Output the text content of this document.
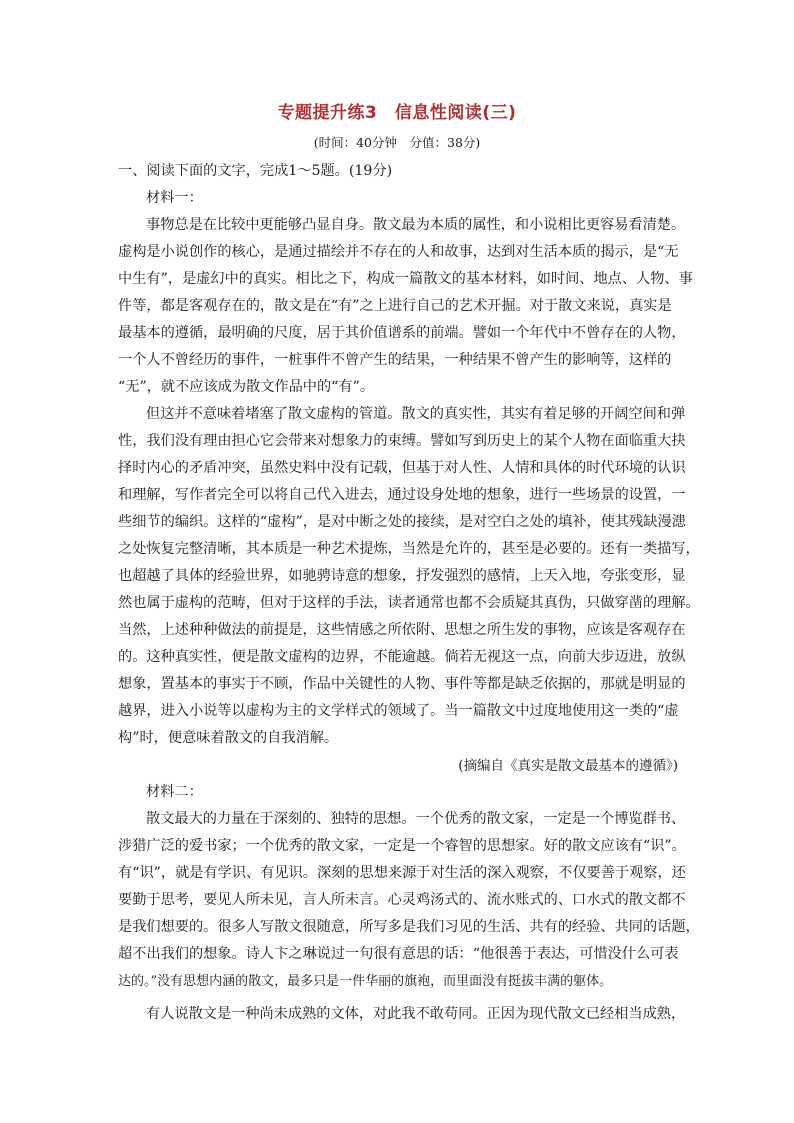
专题提升练3　信息性阅读(三)
(时间：40分钟　分值：38分)
一、阅读下面的文字，完成1～5题。(19分)
材料一：
事物总是在比较中更能够凸显自身。散文最为本质的属性，和小说相比更容易看清楚。
虚构是小说创作的核心，是通过描绘并不存在的人和故事，达到对生活本质的揭示，是“无
中生有”，是虚幻中的真实。相比之下，构成一篇散文的基本材料，如时间、地点、人物、事
件等，都是客观存在的，散文是在“有”之上进行自己的艺术开掘。对于散文来说，真实是
最基本的遵循，最明确的尺度，居于其价值谱系的前端。譬如一个年代中不曾存在的人物，
一个人不曾经历的事件，一桩事件不曾产生的结果，一种结果不曾产生的影响等，这样的
“无”，就不应该成为散文作品中的“有”。
但这并不意味着堵塞了散文虚构的管道。散文的真实性，其实有着足够的开阔空间和弹
性，我们没有理由担心它会带来对想象力的束缚。譬如写到历史上的某个人物在面临重大抉
择时内心的矛盾冲突，虽然史料中没有记载，但基于对人性、人情和具体的时代环境的认识
和理解，写作者完全可以将自己代入进去，通过设身处地的想象，进行一些场景的设置，一
些细节的编织。这样的“虚构”，是对中断之处的接续，是对空白之处的填补，使其残缺漫漶
之处恢复完整清晰，其本质是一种艺术提炼，当然是允许的，甚至是必要的。还有一类描写，
也超越了具体的经验世界，如驰骋诗意的想象，抒发强烈的感情，上天入地，夸张变形，显
然也属于虚构的范畴，但对于这样的手法，读者通常也都不会质疑其真伪，只做穿凿的理解。
当然，上述种种做法的前提是，这些情感之所依附、思想之所生发的事物，应该是客观存在
的。这种真实性，便是散文虚构的边界，不能逾越。倘若无视这一点，向前大步迈进，放纵
想象，置基本的事实于不顾，作品中关键性的人物、事件等都是缺乏依据的，那就是明显的
越界，进入小说等以虚构为主的文学样式的领域了。当一篇散文中过度地使用这一类的“虚
构”时，便意味着散文的自我消解。
(摘编自《真实是散文最基本的遵循》)
材料二：
散文最大的力量在于深刻的、独特的思想。一个优秀的散文家，一定是一个博览群书、
涉猎广泛的爱书家；一个优秀的散文家，一定是一个睿智的思想家。好的散文应该有“识”。
有“识”，就是有学识、有见识。深刻的思想来源于对生活的深入观察，不仅要善于观察，还
要勤于思考，要见人所未见，言人所未言。心灵鸡汤式的、流水账式的、口水式的散文都不
是我们想要的。很多人写散文很随意，所写多是我们习见的生活、共有的经验、共同的话题，
超不出我们的想象。诗人卞之琳说过一句很有意思的话：“他很善于表达，可惜没什么可表
达的。”没有思想内涵的散文，最多只是一件华丽的旗袍，而里面没有挺拔丰满的躯体。
有人说散文是一种尚未成熟的文体，对此我不敢苟同。正因为现代散文已经相当成熟，
